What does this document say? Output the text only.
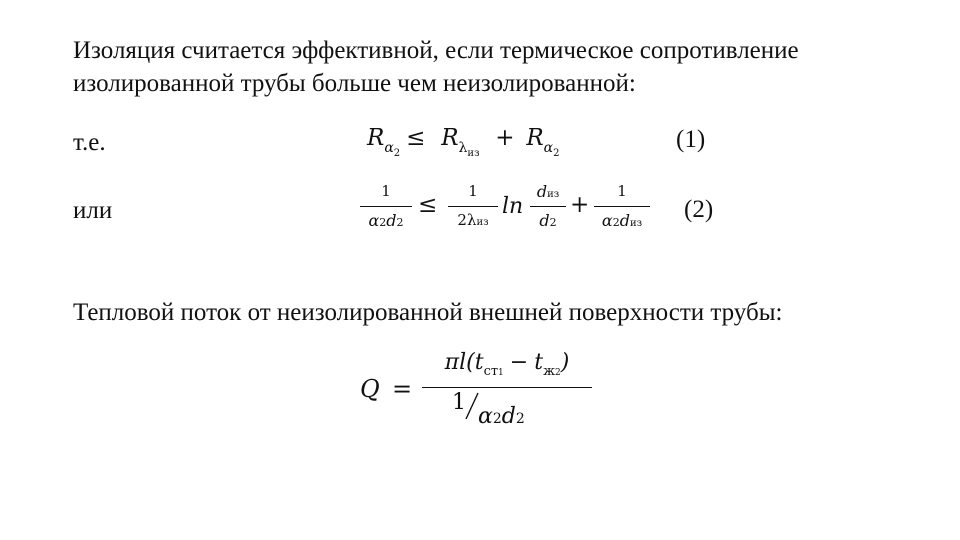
Изоляция считается эффективной, если термическое сопротивление изолированной трубы больше чем неизолированной:
т.е.	$R_{\alpha_2}\le R_{\lambda_{из}} + R_{\alpha_2}$
(1)
или
1
α2d2
≤
1
2λиз
ln
dиз
d2
+
1
α2dиз
(2)
Тепловой поток от неизолированной внешней поверхности трубы:
Q =
$\pi l(t_{ст1} - t_{ж2})$
1α2d2
